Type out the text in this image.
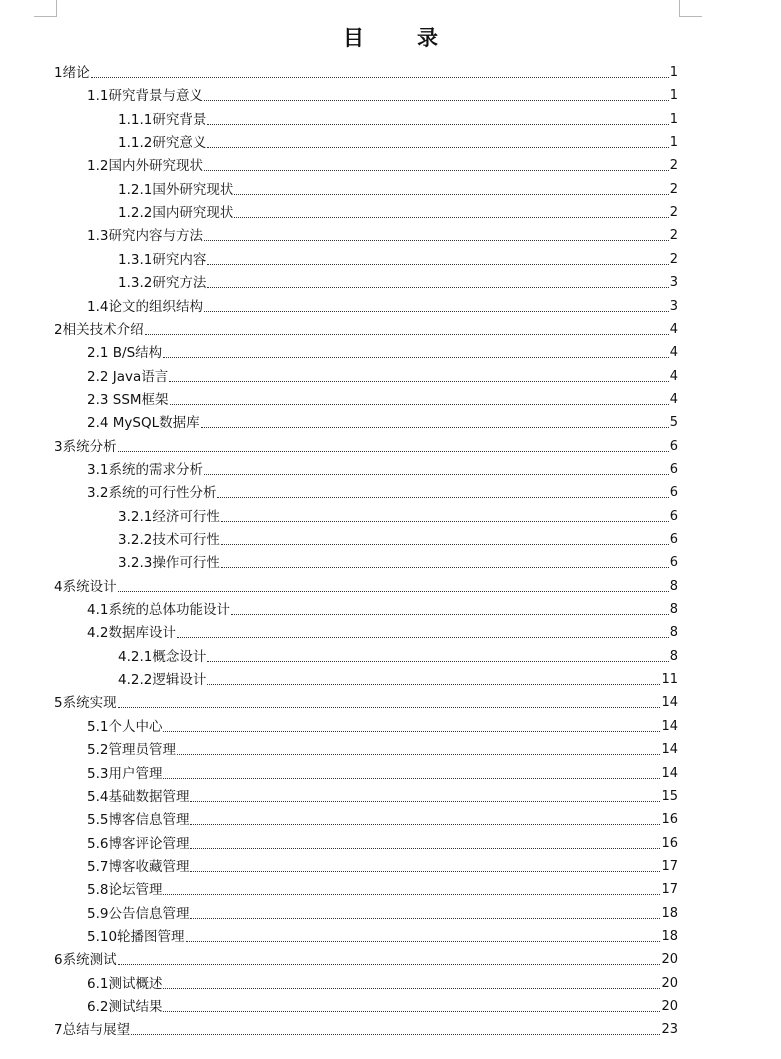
目　录
1绪论	1
1.1研究背景与意义	1
1.1.1研究背景	1
1.1.2研究意义	1
1.2国内外研究现状	2
1.2.1国外研究现状	2
1.2.2国内研究现状	2
1.3研究内容与方法	2
1.3.1研究内容	2
1.3.2研究方法	3
1.4论文的组织结构	3
2相关技术介绍	4
2.1 B/S结构	4
2.2 Java语言	4
2.3 SSM框架	4
2.4 MySQL数据库	5
3系统分析	6
3.1系统的需求分析	6
3.2系统的可行性分析	6
3.2.1经济可行性	6
3.2.2技术可行性	6
3.2.3操作可行性	6
4系统设计	8
4.1系统的总体功能设计	8
4.2数据库设计	8
4.2.1概念设计	8
4.2.2逻辑设计	11
5系统实现	14
5.1个人中心	14
5.2管理员管理	14
5.3用户管理	14
5.4基础数据管理	15
5.5博客信息管理	16
5.6博客评论管理	16
5.7博客收藏管理	17
5.8论坛管理	17
5.9公告信息管理	18
5.10轮播图管理	18
6系统测试	20
6.1测试概述	20
6.2测试结果	20
7总结与展望	23
